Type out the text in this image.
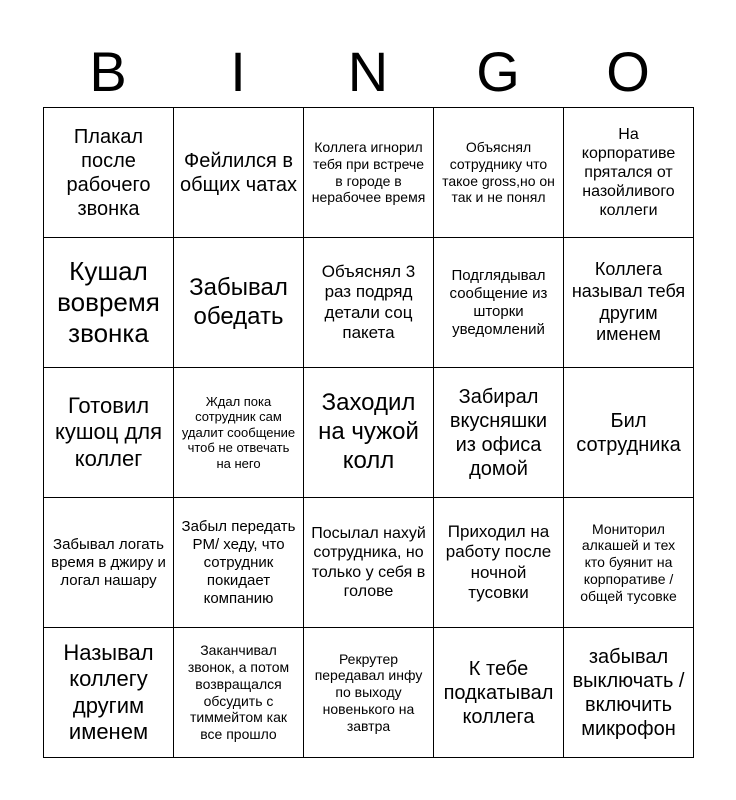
B	I	N	G	O
Плакал после рабочего звонка	Фейлился в общих чатах	Коллега игнорил тебя при встрече в городе в нерабочее время	Объяснял сотруднику что такое gross,но он так и не понял	На корпоративе прятался от назойливого коллеги
Кушал вовремя звонка	Забывал обедать	Объяснял 3 раз подряд детали соц пакета	Подглядывал сообщение из шторки уведомлений	Коллега называл тебя другим именем
Готовил кушоц для коллег	Ждал пока сотрудник сам удалит сообщение чтоб не отвечать на него	Заходил на чужой колл	Забирал вкусняшки из офиса домой	Бил сотрудника
Забывал логать время в джиру и логал нашару	Забыл передать PM/ хеду, что сотрудник покидает компанию	Посылал нахуй сотрудника, но только у себя в голове	Приходил на работу после ночной тусовки	Мониторил алкашей и тех кто буянит на корпоративе / общей тусовке
Называл коллегу другим именем	Заканчивал звонок, а потом возвращался обсудить с тиммейтом как все прошло	Рекрутер передавал инфу по выходу новенького на завтра	К тебе подкатывал коллега	забывал выключать / включить микрофон
